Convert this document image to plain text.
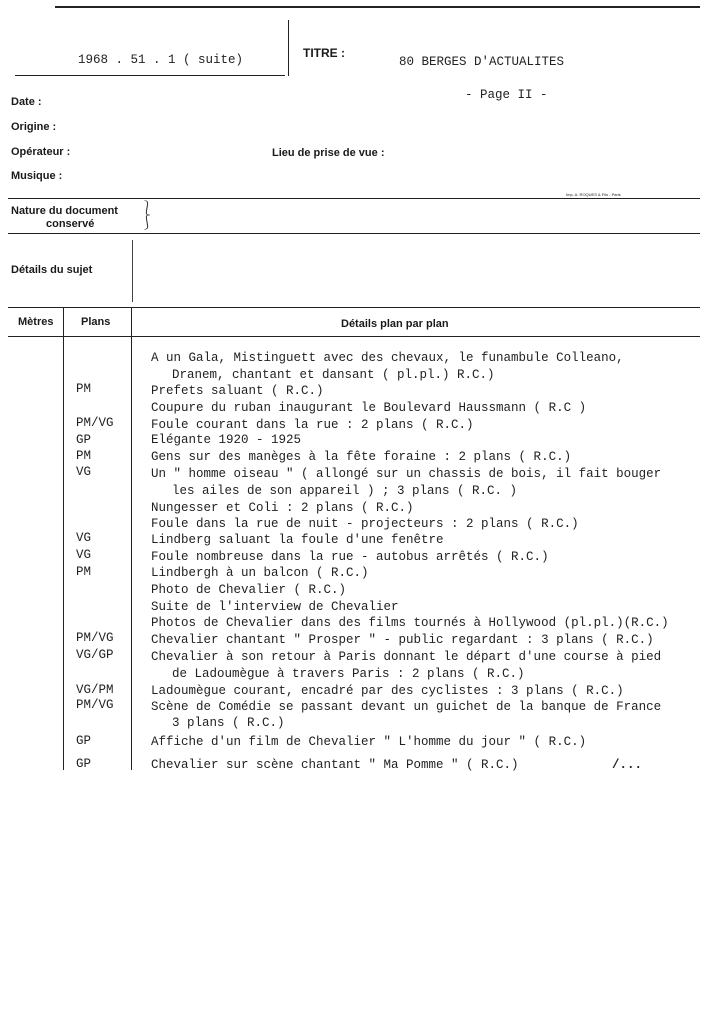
1968 . 51 . 1 ( suite)	TITRE :
80 BERGES D'ACTUALITES
- Page II -
Date :
Origine :
Opérateur :	Lieu de prise de vue :
Musique :
Imp. A. ROQUES & Fils - Paris
Nature du document
conservé
⎱
⎰
Détails du sujet
Mètres	Plans	Détails plan par plan
A un Gala, Mistinguett avec des chevaux, le funambule Colleano,
Dranem, chantant et dansant ( pl.pl.) R.C.)
PM	Prefets saluant ( R.C.)
Coupure du ruban inaugurant le Boulevard Haussmann ( R.C )
PM/VG	Foule courant dans la rue : 2 plans ( R.C.)
GP	Elégante 1920 - 1925
PM	Gens sur des manèges à la fête foraine : 2 plans ( R.C.)
VG	Un " homme oiseau " ( allongé sur un chassis de bois, il fait bouger
les ailes de son appareil ) ; 3 plans ( R.C. )
Nungesser et Coli : 2 plans ( R.C.)
Foule dans la rue de nuit - projecteurs : 2 plans ( R.C.)
VG	Lindberg saluant la foule d'une fenêtre
VG	Foule nombreuse dans la rue - autobus arrêtés ( R.C.)
PM	Lindbergh à un balcon ( R.C.)
Photo de Chevalier ( R.C.)
Suite de l'interview de Chevalier
Photos de Chevalier dans des films tournés à Hollywood (pl.pl.)(R.C.)
PM/VG	Chevalier chantant " Prosper " - public regardant : 3 plans ( R.C.)
VG/GP	Chevalier à son retour à Paris donnant le départ d'une course à pied
de Ladoumègue à travers Paris : 2 plans ( R.C.)
VG/PM	Ladoumègue courant, encadré par des cyclistes : 3 plans ( R.C.)
PM/VG	Scène de Comédie se passant devant un guichet de la banque de France
3 plans ( R.C.)
GP	Affiche d'un film de Chevalier " L'homme du jour " ( R.C.)
GP	Chevalier sur scène chantant " Ma Pomme " ( R.C.)	/...
